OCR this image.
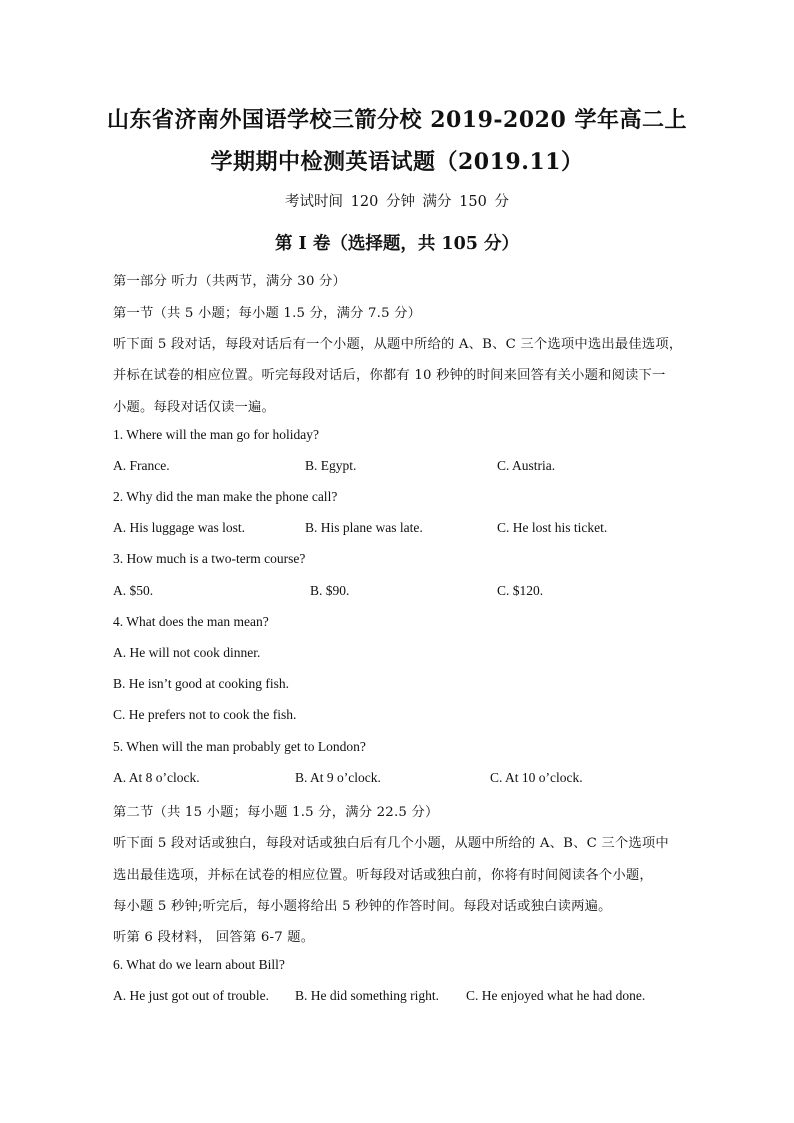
山东省济南外国语学校三箭分校 2019-2020 学年高二上
学期期中检测英语试题（2019.11）
考试时间 120 分钟 满分 150 分
第 I 卷（选择题，共 105 分）
第一部分 听力（共两节，满分 30 分）
第一节（共 5 小题；每小题 1.5 分，满分 7.5 分）
听下面 5 段对话，每段对话后有一个小题，从题中所给的 A、B、C 三个选项中选出最佳选项，
并标在试卷的相应位置。听完每段对话后，你都有 10 秒钟的时间来回答有关小题和阅读下一
小题。每段对话仅读一遍。
1. Where will the man go for holiday?
A. France.	B. Egypt.	C. Austria.
2. Why did the man make the phone call?
A. His luggage was lost.	B. His plane was late.	C. He lost his ticket.
3. How much is a two-term course?
A. $50.	B. $90.	C. $120.
4. What does the man mean?
A. He will not cook dinner.
B. He isn’t good at cooking fish.
C. He prefers not to cook the fish.
5. When will the man probably get to London?
A. At 8 o’clock.	B. At 9 o’clock.	C. At 10 o’clock.
第二节（共 15 小题；每小题 1.5 分，满分 22.5 分）
听下面 5 段对话或独白，每段对话或独白后有几个小题，从题中所给的 A、B、C 三个选项中
选出最佳选项，并标在试卷的相应位置。听每段对话或独白前，你将有时间阅读各个小题，
每小题 5 秒钟;听完后，每小题将给出 5 秒钟的作答时间。每段对话或独白读两遍。
听第 6 段材料， 回答第 6-7 题。
6. What do we learn about Bill?
A. He just got out of trouble. B. He did something right. C. He enjoyed what he had done.
